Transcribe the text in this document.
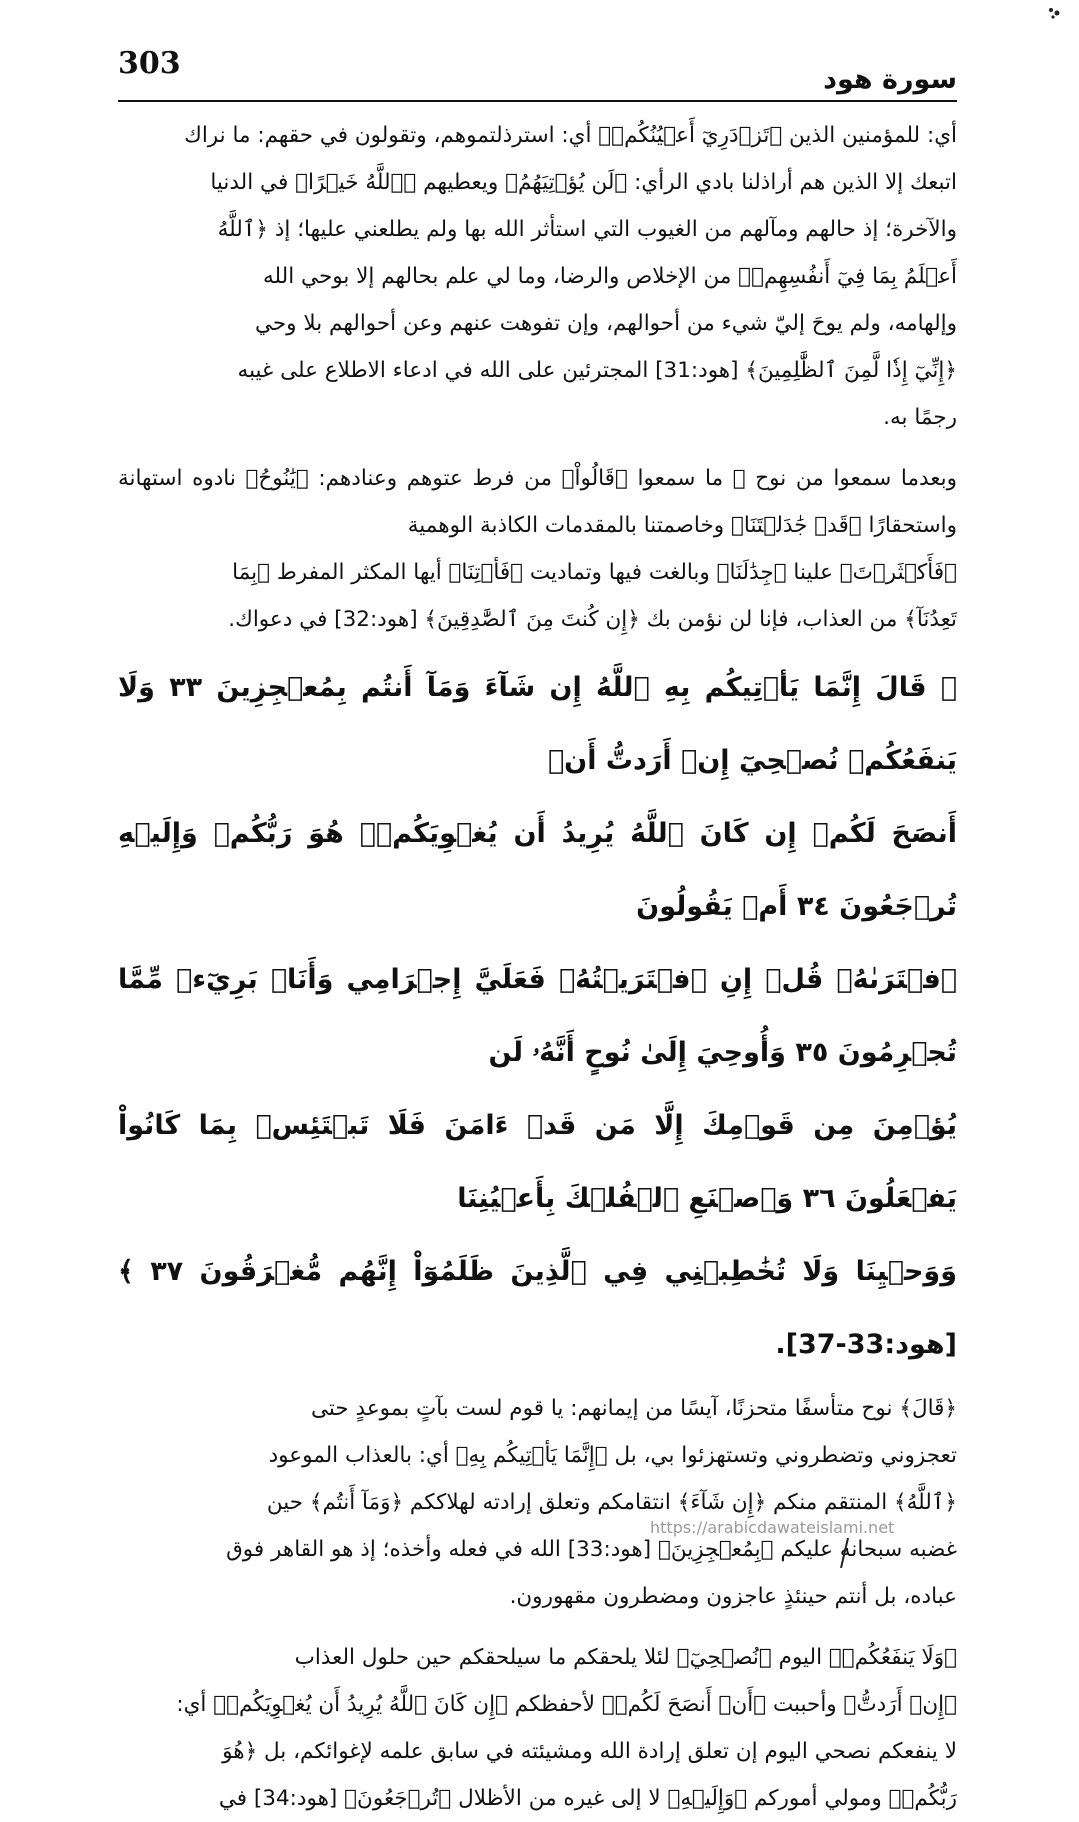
303	سورة هود

أي: للمؤمنين الذين ﴿تَزۡدَرِيٓ أَعۡيُنُكُمۡ﴾ أي: استرذلتموهم، وتقولون في حقهم: ما نراك
اتبعك إلا الذين هم أراذلنا بادي الرأي: ﴿لَن يُؤۡتِيَهُمُ﴾ ويعطيهم ﴿ٱللَّهُ خَيۡرًا﴾ في الدنيا
والآخرة؛ إذ حالهم ومآلهم من الغيوب التي استأثر الله بها ولم يطلعني عليها؛ إذ ﴿ٱللَّهُ
أَعۡلَمُ بِمَا فِيٓ أَنفُسِهِمۡ﴾ من الإخلاص والرضا، وما لي علم بحالهم إلا بوحي الله
وإلهامه، ولم يوحَ إليّ شيء من أحوالهم، وإن تفوهت عنهم وعن أحوالهم بلا وحي
﴿إِنِّيٓ إِذٗا لَّمِنَ ٱلظَّٰلِمِينَ﴾ [هود:31] المجترئين على الله في ادعاء الاطلاع على غيبه
رجمًا به.

وبعدما سمعوا من نوح ﷺ ما سمعوا ﴿قَالُواْ﴾ من فرط عتوهم وعنادهم: ﴿يَٰنُوحُ﴾ نادوه استهانة واستحقارًا ﴿قَدۡ جَٰدَلۡتَنَا﴾ وخاصمتنا بالمقدمات الكاذبة الوهمية
﴿فَأَكۡثَرۡتَ﴾ علينا ﴿جِدَٰلَنَا﴾ وبالغت فيها وتماديت ﴿فَأۡتِنَا﴾ أيها المكثر المفرط ﴿بِمَا
تَعِدُنَآ﴾ من العذاب، فإنا لن نؤمن بك ﴿إِن كُنتَ مِنَ ٱلصَّٰدِقِينَ﴾ [هود:32] في دعواك.

﴿ قَالَ إِنَّمَا يَأۡتِيكُم بِهِ ٱللَّهُ إِن شَآءَ وَمَآ أَنتُم بِمُعۡجِزِينَ ٣٣ وَلَا يَنفَعُكُمۡ نُصۡحِيٓ إِنۡ أَرَدتُّ أَنۡ
أَنصَحَ لَكُمۡ إِن كَانَ ٱللَّهُ يُرِيدُ أَن يُغۡوِيَكُمۡۚ هُوَ رَبُّكُمۡ وَإِلَيۡهِ تُرۡجَعُونَ ٣٤ أَمۡ يَقُولُونَ
ٱفۡتَرَىٰهُۖ قُلۡ إِنِ ٱفۡتَرَيۡتُهُۥ فَعَلَيَّ إِجۡرَامِي وَأَنَا۠ بَرِيٓءٞ مِّمَّا تُجۡرِمُونَ ٣٥ وَأُوحِيَ إِلَىٰ نُوحٍ أَنَّهُۥ لَن
يُؤۡمِنَ مِن قَوۡمِكَ إِلَّا مَن قَدۡ ءَامَنَ فَلَا تَبۡتَئِسۡ بِمَا كَانُواْ يَفۡعَلُونَ ٣٦ وَٱصۡنَعِ ٱلۡفُلۡكَ بِأَعۡيُنِنَا
وَوَحۡيِنَا وَلَا تُخَٰطِبۡنِي فِي ٱلَّذِينَ ظَلَمُوٓاْ إِنَّهُم مُّغۡرَقُونَ ٣٧ ﴾ [هود:33-37].

﴿قَالَ﴾ نوح متأسفًا متحزنًا، آيسًا من إيمانهم: يا قوم لست بآتٍ بموعدٍ حتى
تعجزوني وتضطروني وتستهزئوا بي، بل ﴿إِنَّمَا يَأۡتِيكُم بِهِ﴾ أي: بالعذاب الموعود
﴿ٱللَّهُ﴾ المنتقم منكم ﴿إِن شَآءَ﴾ انتقامكم وتعلق إرادته لهلاككم ﴿وَمَآ أَنتُم﴾ حين
غضبه سبحانه عليكم ﴿بِمُعۡجِزِينَ﴾ [هود:33] الله في فعله وأخذه؛ إذ هو القاهر فوق
عباده، بل أنتم حينئذٍ عاجزون ومضطرون مقهورون.

﴿وَلَا يَنفَعُكُمۡ﴾ اليوم ﴿نُصۡحِيٓ﴾ لئلا يلحقكم ما سيلحقكم حين حلول العذاب
﴿إِنۡ أَرَدتُّ﴾ وأحببت ﴿أَنۡ أَنصَحَ لَكُمۡ﴾ لأحفظكم ﴿إِن كَانَ ٱللَّهُ يُرِيدُ أَن يُغۡوِيَكُمۡ﴾ أي:
لا ينفعكم نصحي اليوم إن تعلق إرادة الله ومشيئته في سابق علمه لإغوائكم، بل ﴿هُوَ
رَبُّكُمۡ﴾ ومولي أموركم ﴿وَإِلَيۡهِ﴾ لا إلى غيره من الأظلال ﴿تُرۡجَعُونَ﴾ [هود:34] في

https://arabicdawateislami.net
